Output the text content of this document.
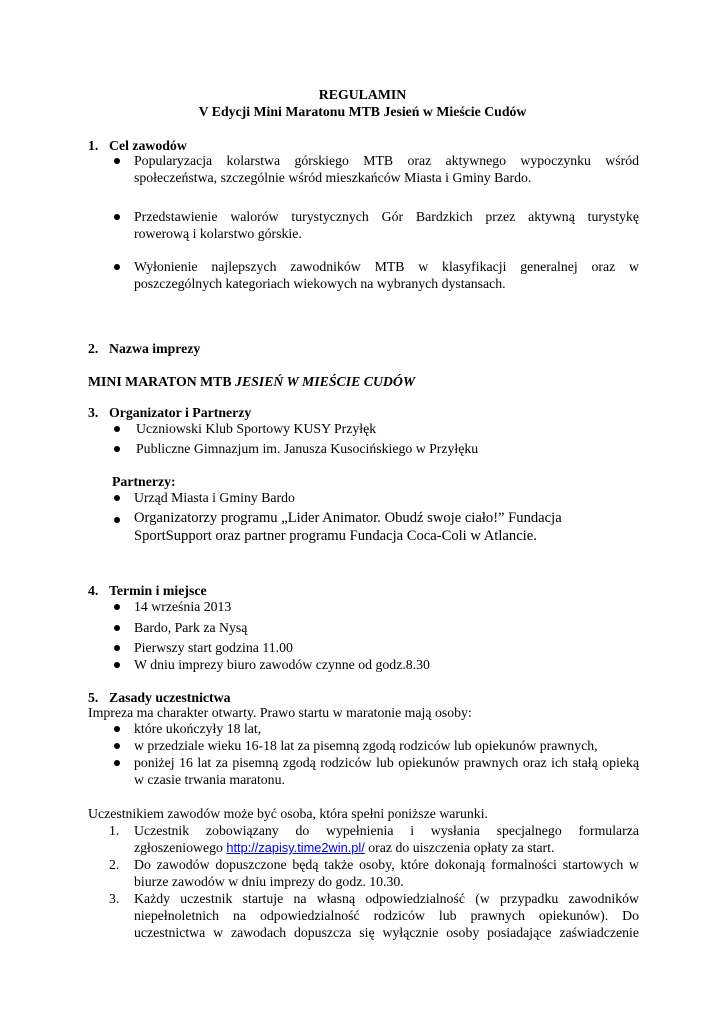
REGULAMIN
V Edycji Mini Maratonu MTB Jesień w Mieście Cudów
1. Cel zawodów
Popularyzacja kolarstwa górskiego MTB oraz aktywnego wypoczynku wśród
społeczeństwa, szczególnie wśród mieszkańców Miasta i Gminy Bardo.
Przedstawienie walorów turystycznych Gór Bardzkich przez aktywną turystykę
rowerową i kolarstwo górskie.
Wyłonienie najlepszych zawodników MTB w klasyfikacji generalnej oraz w
poszczególnych kategoriach wiekowych na wybranych dystansach.
2. Nazwa imprezy
MINI MARATON MTB JESIEŃ W MIEŚCIE CUDÓW
3. Organizator i Partnerzy
Uczniowski Klub Sportowy KUSY Przyłęk
Publiczne Gimnazjum im. Janusza Kusocińskiego w Przyłęku
Partnerzy:
Urząd Miasta i Gminy Bardo
Organizatorzy programu „Lider Animator. Obudź swoje ciało!” Fundacja
SportSupport oraz partner programu Fundacja Coca-Coli w Atlancie.
4. Termin i miejsce
14 września 2013
Bardo, Park za Nysą
Pierwszy start godzina 11.00
W dniu imprezy biuro zawodów czynne od godz.8.30
5. Zasady uczestnictwa
Impreza ma charakter otwarty. Prawo startu w maratonie mają osoby:
które ukończyły 18 lat,
w przedziale wieku 16-18 lat za pisemną zgodą rodziców lub opiekunów prawnych,
poniżej 16 lat za pisemną zgodą rodziców lub opiekunów prawnych oraz ich stałą opieką
w czasie trwania maratonu.
Uczestnikiem zawodów może być osoba, która spełni poniższe warunki.
1. Uczestnik zobowiązany do wypełnienia i wysłania specjalnego formularza
zgłoszeniowego http://zapisy.time2win.pl/ oraz do uiszczenia opłaty za start.
2. Do zawodów dopuszczone będą także osoby, które dokonają formalności startowych w
biurze zawodów w dniu imprezy do godz. 10.30.
3. Każdy uczestnik startuje na własną odpowiedzialność (w przypadku zawodników
niepełnoletnich na odpowiedzialność rodziców lub prawnych opiekunów). Do
uczestnictwa w zawodach dopuszcza się wyłącznie osoby posiadające zaświadczenie
